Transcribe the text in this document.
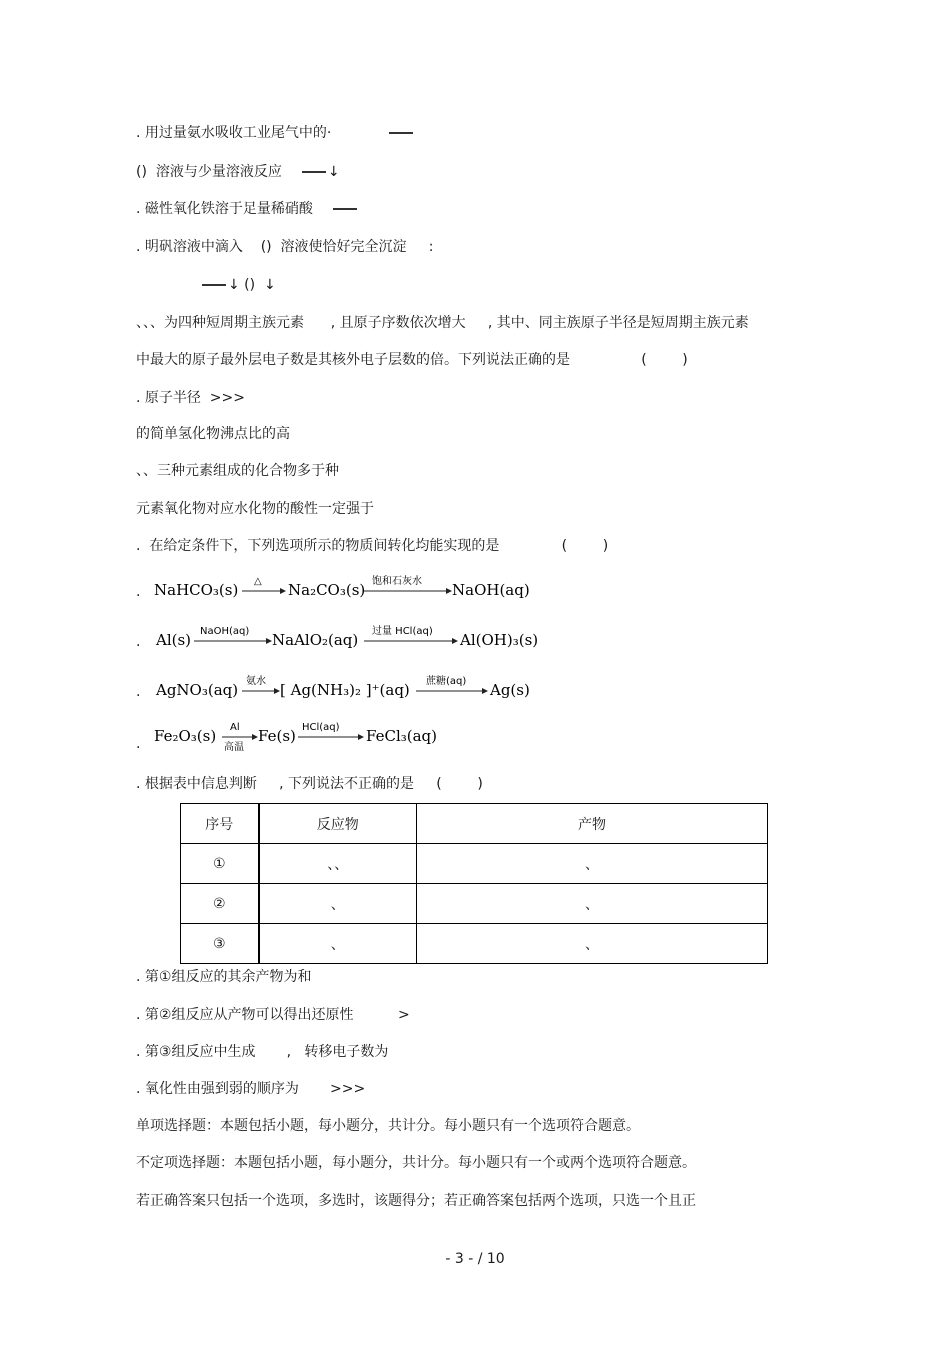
. 用过量氨水吸收工业尾气中的·
()  溶液与少量溶液反应	↓
. 磁性氧化铁溶于足量稀硝酸
. 明矾溶液中滴入    ()  溶液使恰好完全沉淀     :
↓ ()  ↓
、、、为四种短周期主族元素      , 且原子序数依次增大     , 其中、同主族原子半径是短周期主族元素
中最大的原子最外层电子数是其核外电子层数的倍。下列说法正确的是                (        )
. 原子半径  >>>
的简单氢化物沸点比的高
、、三种元素组成的化合物多于种
元素氧化物对应水化物的酸性一定强于
.  在给定条件下，下列选项所示的物质间转化均能实现的是              (        )
. NaHCO₃(s) △ Na₂CO₃(s) 饱和石灰水 NaOH(aq)
. Al(s) NaOH(aq) NaAlO₂(aq) 过量 HCl(aq) Al(OH)₃(s)
. AgNO₃(aq) 氨水 [ Ag(NH₃)₂ ]⁺(aq) 蔗糖(aq) Ag(s)
. Fe₂O₃(s) Al
高温
Fe(s) HCl(aq) FeCl₃(aq)
. 根据表中信息判断     , 下列说法不正确的是     (        )
序号	反应物	产物
①	、、	、
②	、	、
③	、	、
. 第①组反应的其余产物为和
. 第②组反应从产物可以得出还原性          >
. 第③组反应中生成       ,   转移电子数为
. 氧化性由强到弱的顺序为       >>>
单项选择题：本题包括小题，每小题分，共计分。每小题只有一个选项符合题意。
不定项选择题：本题包括小题，每小题分，共计分。每小题只有一个或两个选项符合题意。
若正确答案只包括一个选项，多选时，该题得分；若正确答案包括两个选项，只选一个且正
- 3 - / 10
